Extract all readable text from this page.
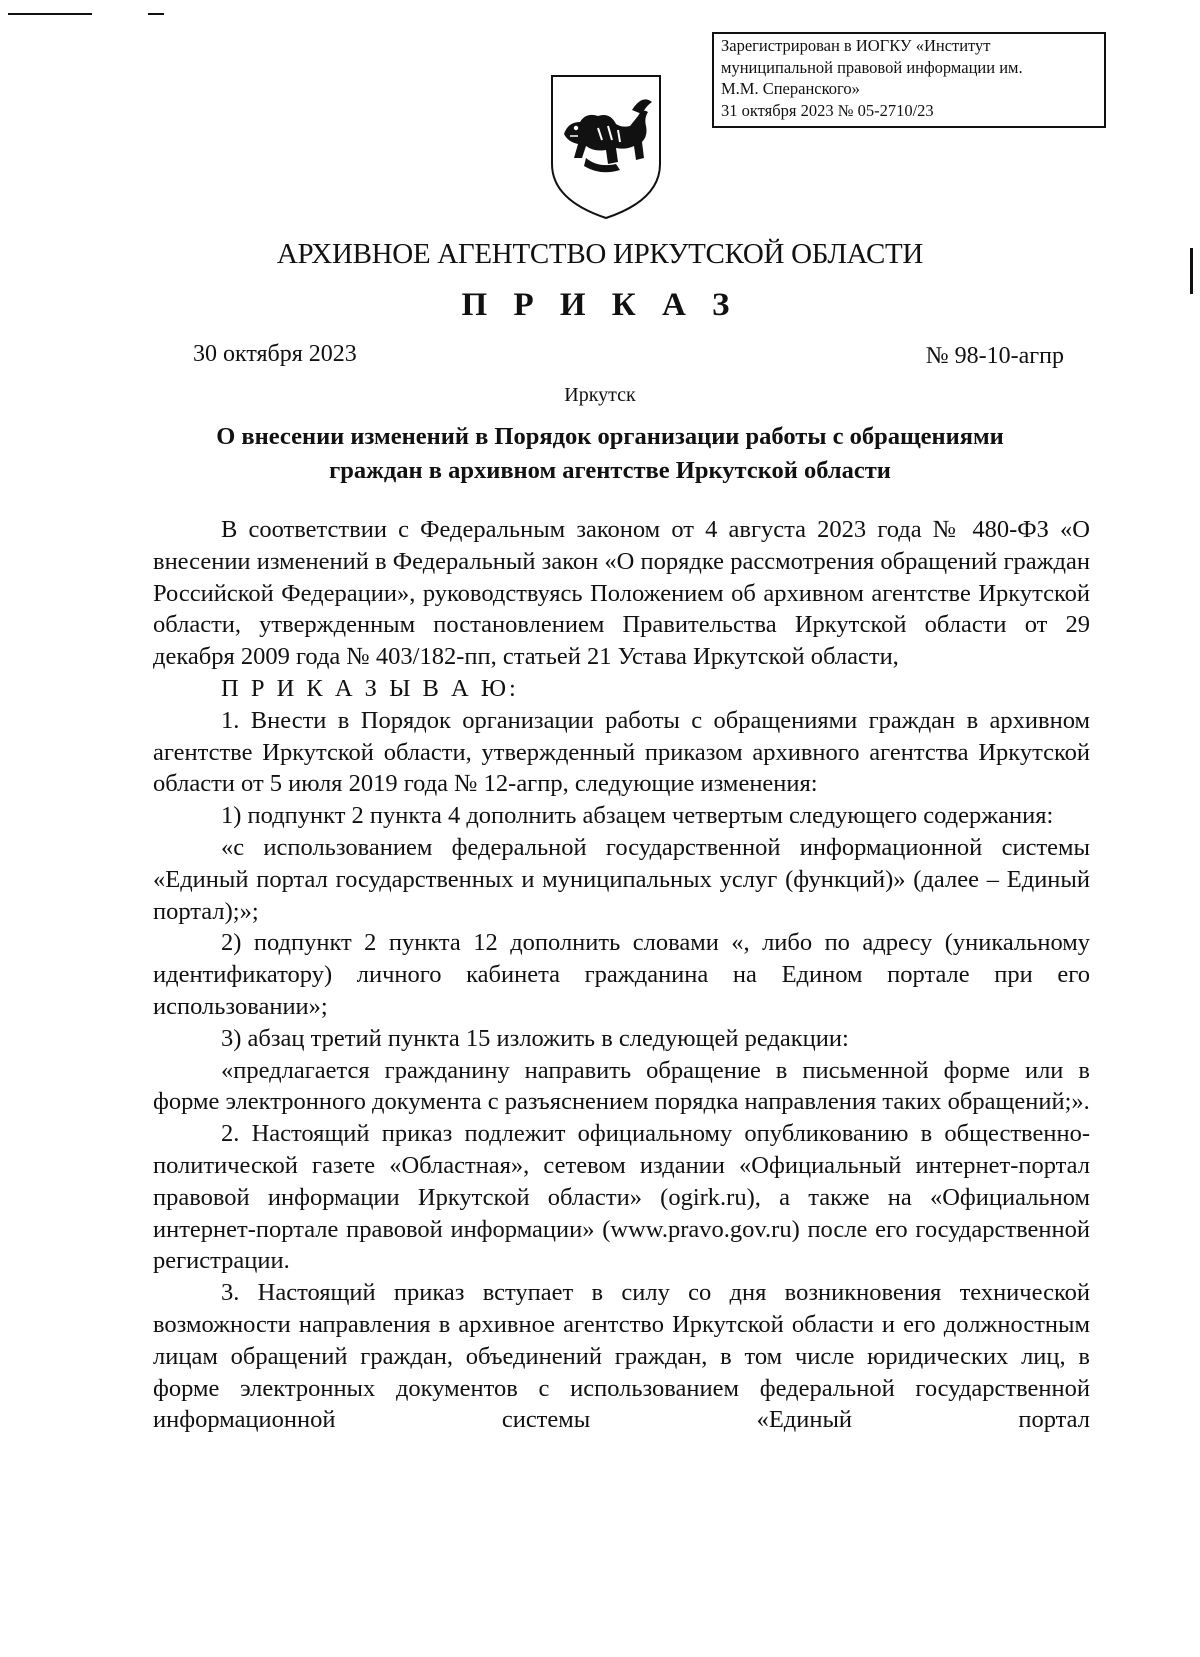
Зарегистрирован в ИОГКУ «Институт
муниципальной правовой информации им.
М.М. Сперанского»
31 октября 2023 № 05-2710/23
АРХИВНОЕ АГЕНТСТВО ИРКУТСКОЙ ОБЛАСТИ
П Р И К А З
30 октября 2023	№ 98-10-агпр
Иркутск
О внесении изменений в Порядок организации работы с обращениями
граждан в архивном агентстве Иркутской области

В соответствии с Федеральным законом от 4 августа 2023 года № 480-ФЗ «О внесении изменений в Федеральный закон «О порядке рассмотрения обращений граждан Российской Федерации», руководствуясь Положением об архивном агентстве Иркутской области, утвержденным постановлением Правительства Иркутской области от 29 декабря 2009 года № 403/182-пп, статьей 21 Устава Иркутской области,

П Р И К А З Ы В А Ю:

1. Внести в Порядок организации работы с обращениями граждан в архивном агентстве Иркутской области, утвержденный приказом архивного агентства Иркутской области от 5 июля 2019 года № 12-агпр, следующие изменения:

1) подпункт 2 пункта 4 дополнить абзацем четвертым следующего содержания:

«с использованием федеральной государственной информационной системы «Единый портал государственных и муниципальных услуг (функций)» (далее – Единый портал);»;

2) подпункт 2 пункта 12 дополнить словами «, либо по адресу (уникальному идентификатору) личного кабинета гражданина на Едином портале при его использовании»;

3) абзац третий пункта 15 изложить в следующей редакции:

«предлагается гражданину направить обращение в письменной форме или в форме электронного документа с разъяснением порядка направления таких обращений;».

2. Настоящий приказ подлежит официальному опубликованию в общественно-политической газете «Областная», сетевом издании «Официальный интернет-портал правовой информации Иркутской области» (ogirk.ru), а также на «Официальном интернет-портале правовой информации» (www.pravo.gov.ru) после его государственной регистрации.

3. Настоящий приказ вступает в силу со дня возникновения технической возможности направления в архивное агентство Иркутской области и его должностным лицам обращений граждан, объединений граждан, в том числе юридических лиц, в форме электронных документов с использованием федеральной государственной информационной системы «Единый портал
